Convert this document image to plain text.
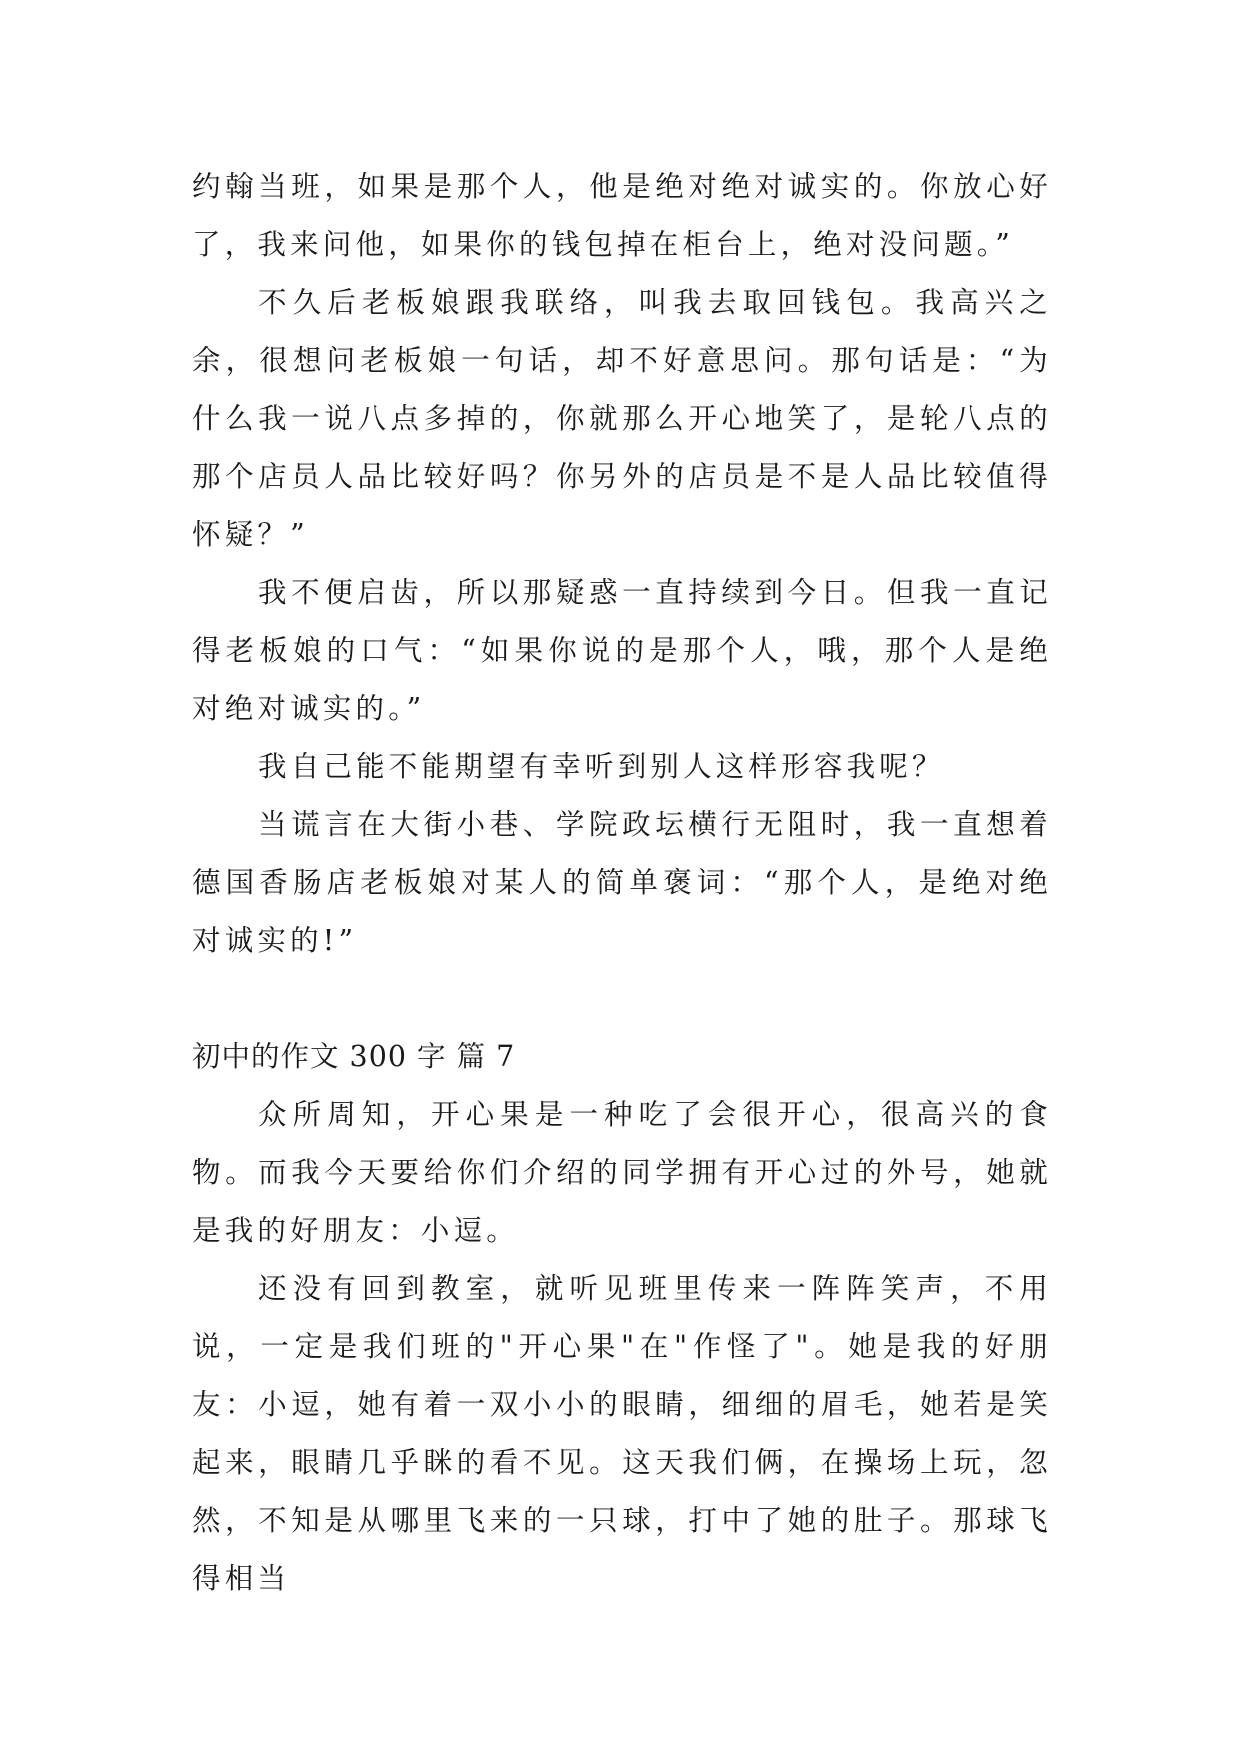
约翰当班，如果是那个人，他是绝对绝对诚实的。你放心好了，我来问他，如果你的钱包掉在柜台上，绝对没问题。”

不久后老板娘跟我联络，叫我去取回钱包。我高兴之余，很想问老板娘一句话，却不好意思问。那句话是：“为什么我一说八点多掉的，你就那么开心地笑了，是轮八点的那个店员人品比较好吗？你另外的店员是不是人品比较值得怀疑？”

我不便启齿，所以那疑惑一直持续到今日。但我一直记得老板娘的口气：“如果你说的是那个人，哦，那个人是绝对绝对诚实的。”

我自己能不能期望有幸听到别人这样形容我呢？

当谎言在大街小巷、学院政坛横行无阻时，我一直想着德国香肠店老板娘对某人的简单褒词：“那个人，是绝对绝对诚实的!”

初中的作文 300 字 篇 7

众所周知，开心果是一种吃了会很开心，很高兴的食物。而我今天要给你们介绍的同学拥有开心过的外号，她就是我的好朋友：小逗。

还没有回到教室，就听见班里传来一阵阵笑声，不用说，一定是我们班的"开心果"在"作怪了"。她是我的好朋友：小逗，她有着一双小小的眼睛，细细的眉毛，她若是笑起来，眼睛几乎眯的看不见。这天我们俩，在操场上玩，忽然，不知是从哪里飞来的一只球，打中了她的肚子。那球飞得相当
